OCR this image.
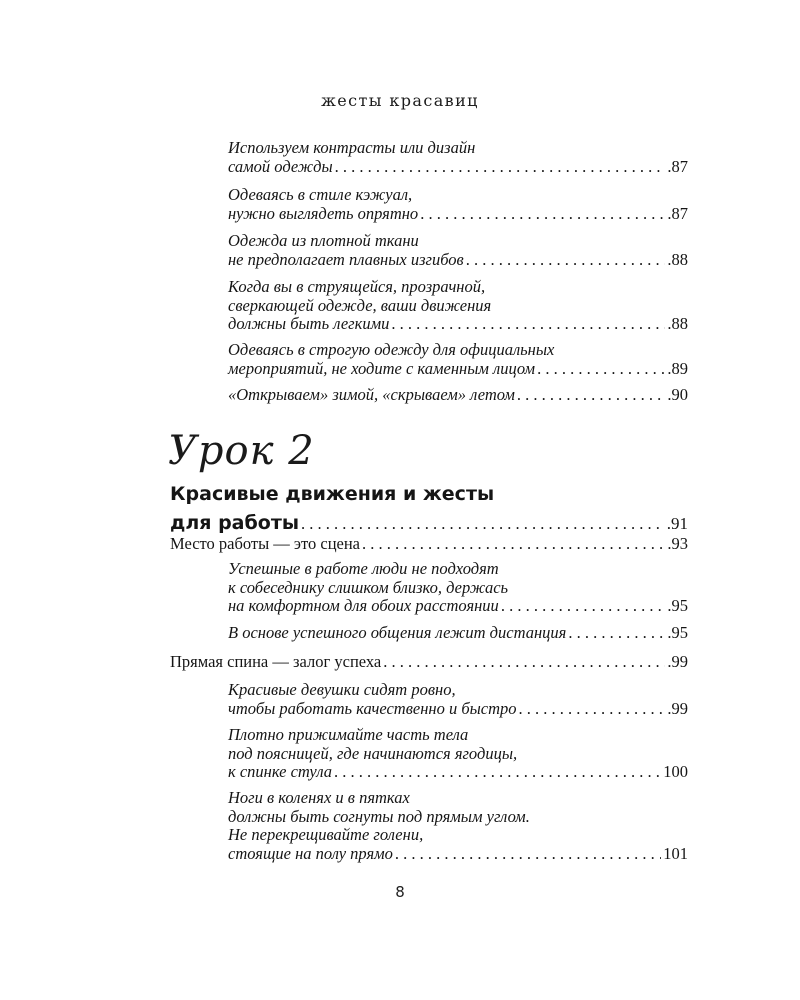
жесты красавиц
Используем контрасты или дизайн
самой одежды . . .	.87
Одеваясь в стиле кэжуал,
нужно выглядеть опрятно . . .	.87
Одежда из плотной ткани
не предполагает плавных изгибов . . .	.88
Когда вы в струящейся, прозрачной,
сверкающей одежде, ваши движения
должны быть легкими . . .	.88
Одеваясь в строгую одежду для официальных
мероприятий, не ходите с каменным лицом . . .	.89
«Открываем» зимой, «скрываем» летом . . .	.90
Урок 2
Красивые движения и жесты
для работы . . .	.91
Место работы — это сцена . . .	.93
Успешные в работе люди не подходят
к собеседнику слишком близко, держась
на комфортном для обоих расстоянии . . .	.95
В основе успешного общения лежит дистанция . . .	.95
Прямая спина — залог успеха . . .	.99
Красивые девушки сидят ровно,
чтобы работать качественно и быстро . . .	.99
Плотно прижимайте часть тела
под поясницей, где начинаются ягодицы,
к спинке стула . . .	100
Ноги в коленях и в пятках
должны быть согнуты под прямым углом.
Не перекрещивайте голени,
стоящие на полу прямо . . .	101
8
